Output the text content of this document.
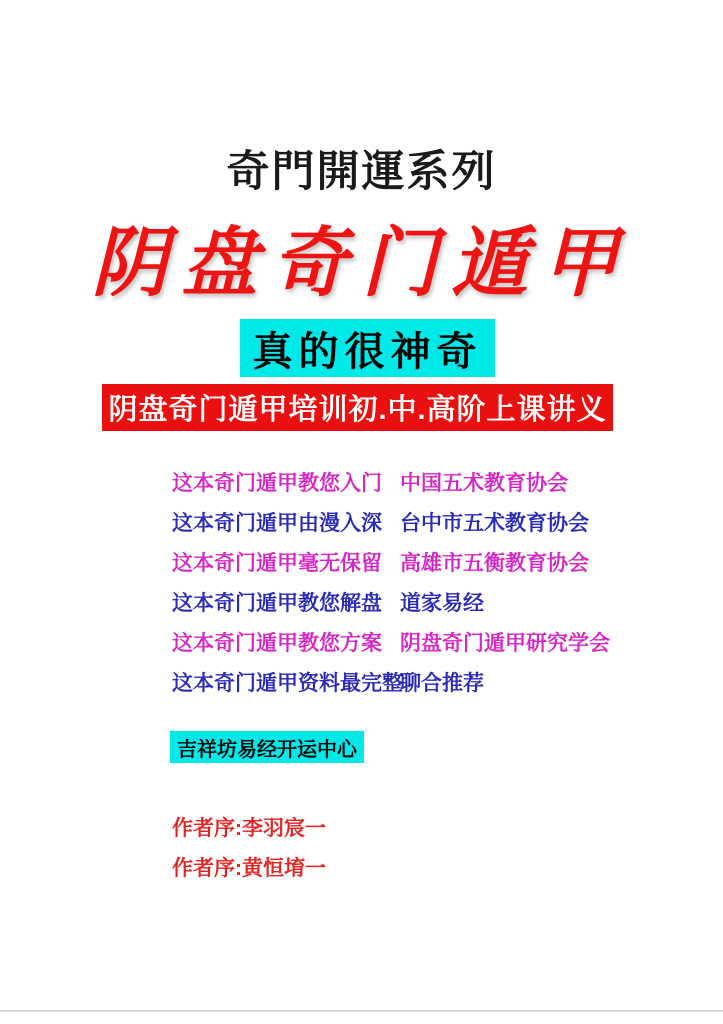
奇門開運系列
阴盘奇门遁甲
真的很神奇
阴盘奇门遁甲培训初.中.高阶上课讲义
这本奇门遁甲教您入门 中国五术教育协会
这本奇门遁甲由漫入深 台中市五术教育协会
这本奇门遁甲毫无保留 高雄市五衡教育协会
这本奇门遁甲教您解盘 道家易经
这本奇门遁甲教您方案 阴盘奇门遁甲研究学会
这本奇门遁甲资料最完整
聊合推荐
吉祥坊易经开运中心
作者序:李羽宸一
作者序:黄恒堉一
